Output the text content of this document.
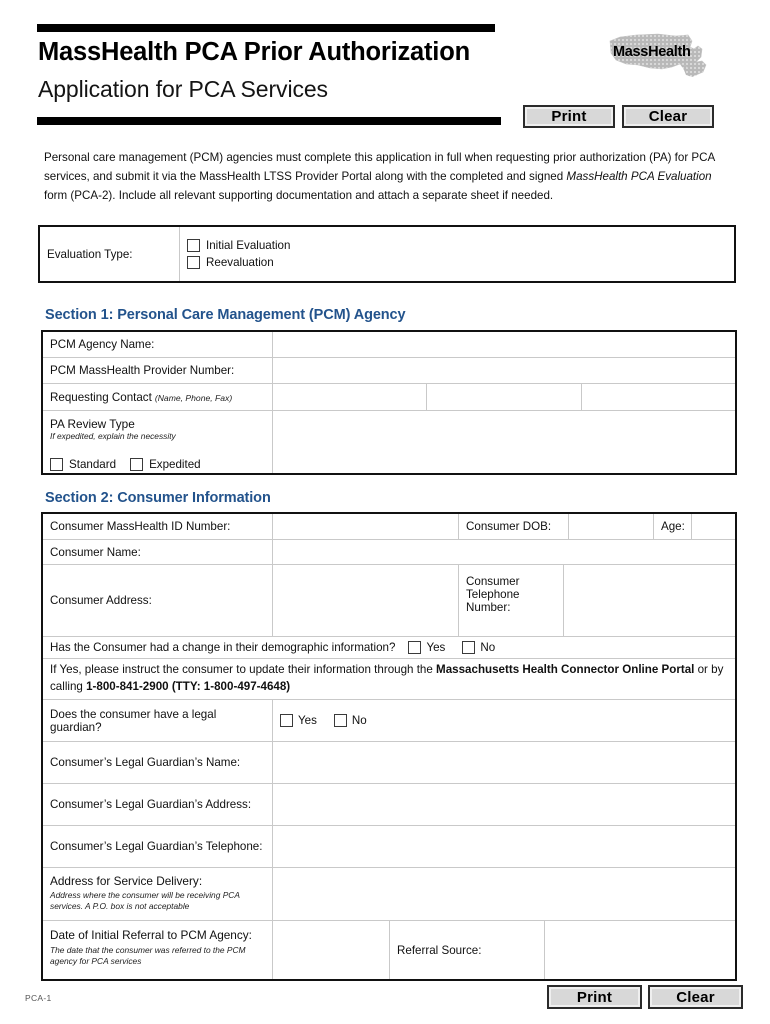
MassHealth PCA Prior Authorization
Application for PCA Services
MassHealth
Print	Clear
Personal care management (PCM) agencies must complete this application in full when requesting prior authorization (PA) for PCA services, and submit it via the MassHealth LTSS Provider Portal along with the completed and signed MassHealth PCA Evaluation form (PCA-2). Include all relevant supporting documentation and attach a separate sheet if needed.
Evaluation Type:
Initial Evaluation
Reevaluation
Section 1: Personal Care Management (PCM) Agency
PCM Agency Name:
PCM MassHealth Provider Number:
Requesting Contact (Name, Phone, Fax)
PA Review Type
If expedited, explain the necessity
Standard	Expedited
Section 2: Consumer Information
Consumer MassHealth ID Number:	Consumer DOB:	Age:
Consumer Name:
Consumer Address:
Consumer Telephone Number:
Has the Consumer had a change in their demographic information?	Yes	No
If Yes, please instruct the consumer to update their information through the Massachusetts Health Connector Online Portal or by calling 1-800-841-2900 (TTY: 1-800-497-4648)
Does the consumer have a legal guardian?	Yes	No
Consumer’s Legal Guardian’s Name:
Consumer’s Legal Guardian’s Address:
Consumer’s Legal Guardian’s Telephone:
Address for Service Delivery:
Address where the consumer will be receiving PCA services. A P.O. box is not acceptable
Date of Initial Referral to PCM Agency:
The date that the consumer was referred to the PCM agency for PCA services
Referral Source:
Print	Clear
PCA-1
